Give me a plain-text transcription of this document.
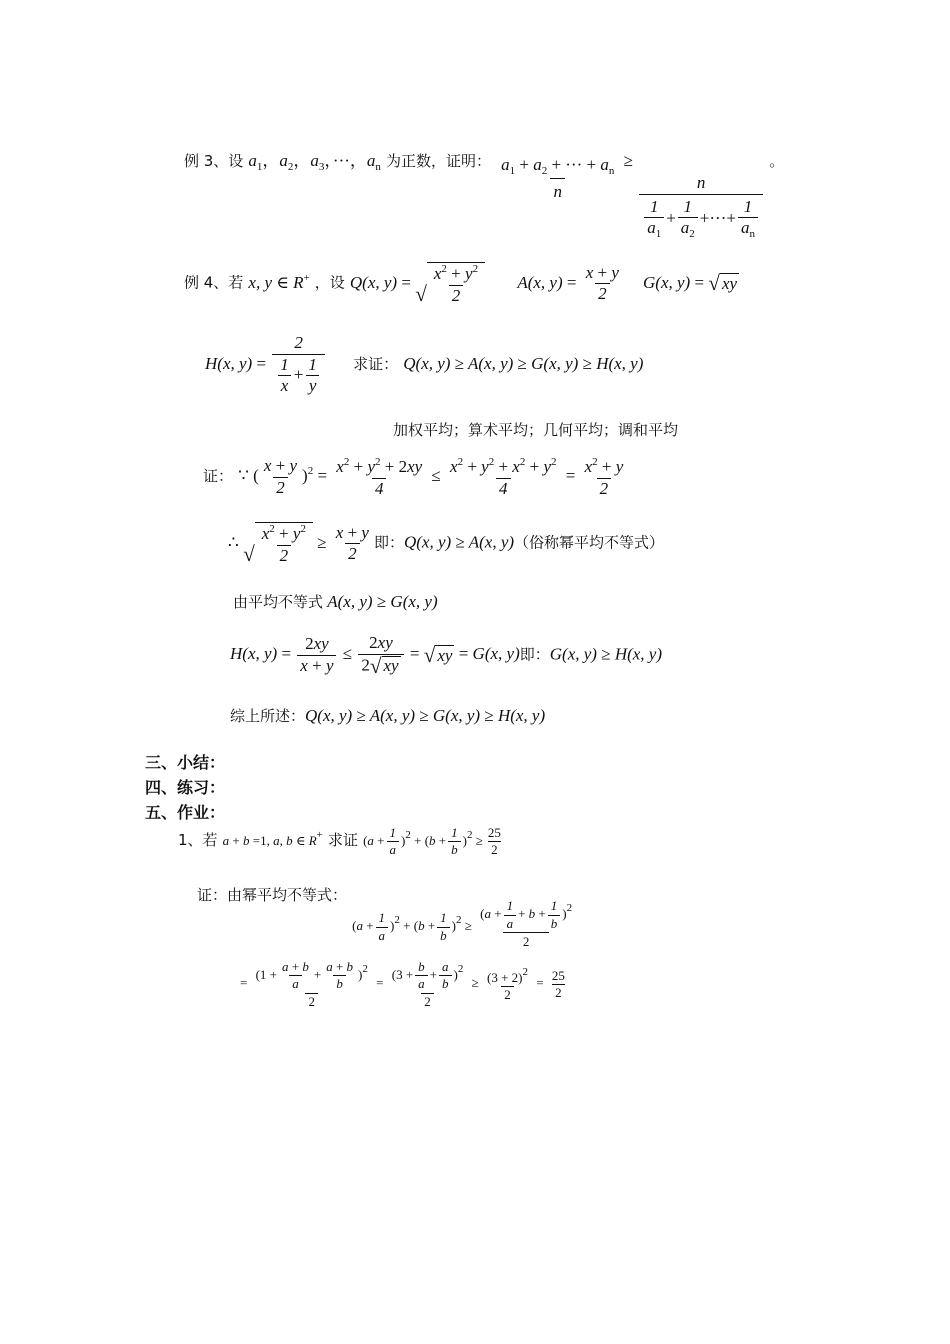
例 3、设 $a_1$，$a_2$，$a_3$，···，$a_n$ 为正数，证明： $\frac{a_1 + a_2 + \cdot\cdot\cdot + a_n}{n}$ ≥
$\frac{n}{\frac{1}{a_1} + \frac{1}{a_2} +\cdot\cdot\cdot+ \frac{1}{a_n}}$
。
例 4、若 x, y ∈ R+ ，设 Q(x, y) =
√ $\frac{x^2 + y^2}{2} A(x$, $y) = \frac{x + y}{2} G(x$, y) = √ xy
H(x, $y) = \frac{2}{\frac{1}{x} + \frac{1}{y}}$ 求证： Q(x, y) ≥ A(x, y) ≥ G(x, y) ≥ H(x, y)
加权平均；算术平均；几何平均；调和平均
证： ∵ ( $\frac{x + y}{2} )^2 = \frac{x^2 + y^2 + 2xy}{4} \le \frac{x^2 + y^2 + x^2 + y^2}{4} = \frac{x^2 + y}{2}$
∴
√ $\frac{x^2 + y^2}{2} \ge \frac{x + y}{2}$ 即：Q(x, y) ≥ A(x, y)（俗称幂平均不等式）
由平均不等式 A(x, y) ≥ G(x, y)
H(x, $y) = \frac{2xy}{x + y} \le \frac{2xy}{2 √ xy}$ = √ xy = G(x, y)即：G(x, y) ≥ H(x, y)
综上所述：Q(x, y) ≥ A(x, y) ≥ G(x, y) ≥ H(x, y)
三、小结：
四、练习：
五、作业：
1、若 a + b =1, a, b ∈ R+ 求证 $(a + \frac{1}{a} )^2 + (b + \frac{1}{b} )^2 \ge \frac{25}{2}$
证：由幂平均不等式： $_{(a + \frac{1}{a} )^2 + (b + \frac{1}{b} )^2 \ge \frac{(a + \frac{1}{a} + b + \frac{1}{b} )^2}{2}}$
= $\frac{(1 + \frac{a + b}{a} + \frac{a + b}{b} )^2}{2} = \frac{(3 + \frac{b}{a} + \frac{a}{b} )^2}{2} \ge \frac{(3 + 2)^2}{2} = \frac{25}{2}$
